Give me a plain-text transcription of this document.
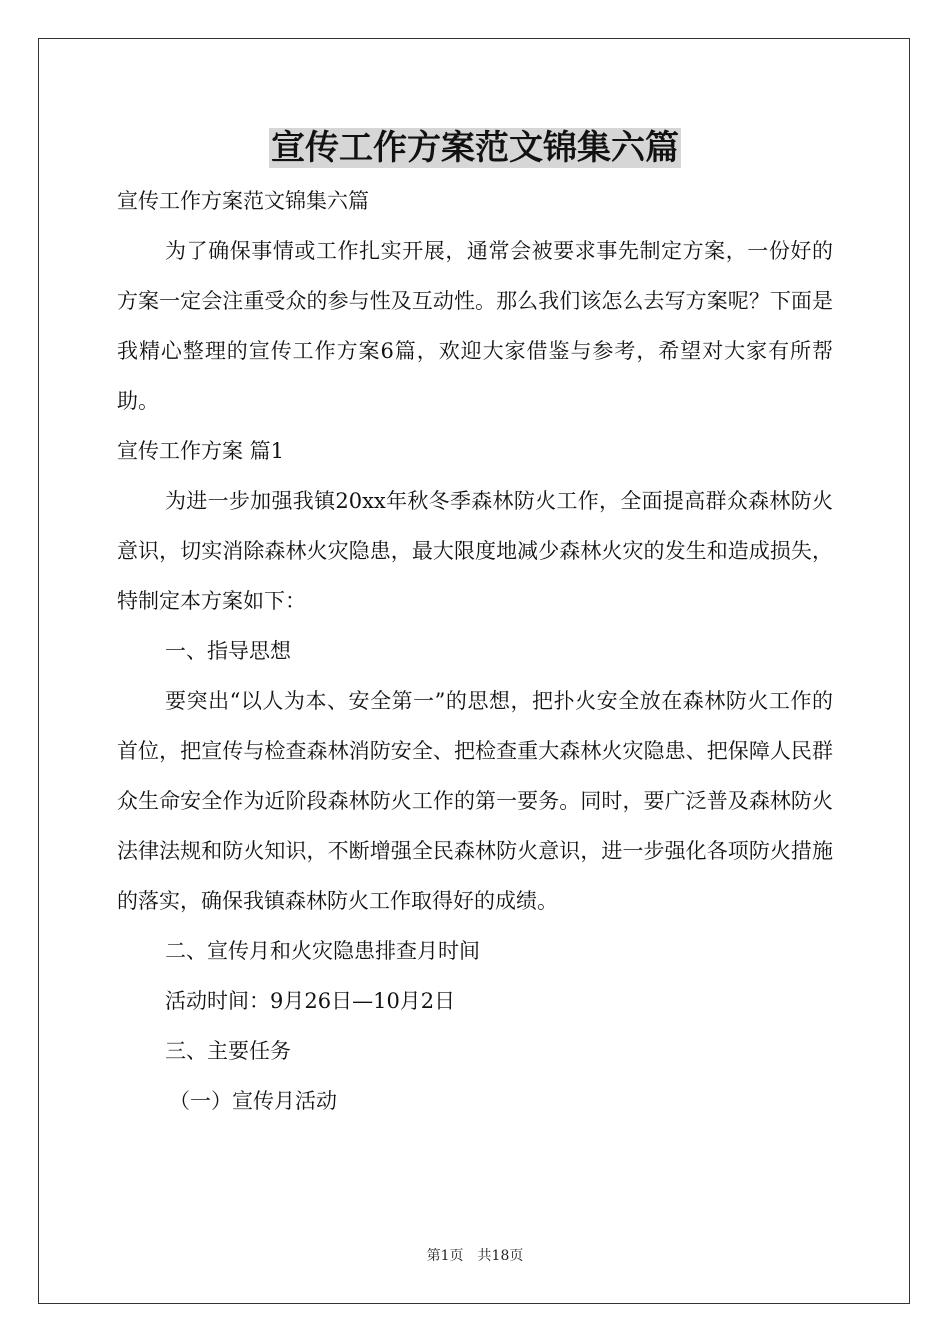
宣传工作方案范文锦集六篇

宣传工作方案范文锦集六篇

为了确保事情或工作扎实开展，通常会被要求事先制定方案，一份好的方案一定会注重受众的参与性及互动性。那么我们该怎么去写方案呢？下面是我精心整理的宣传工作方案6篇，欢迎大家借鉴与参考，希望对大家有所帮助。

宣传工作方案 篇1

为进一步加强我镇20xx年秋冬季森林防火工作，全面提高群众森林防火意识，切实消除森林火灾隐患，最大限度地减少森林火灾的发生和造成损失，特制定本方案如下：

一、指导思想

要突出“以人为本、安全第一”的思想，把扑火安全放在森林防火工作的首位，把宣传与检查森林消防安全、把检查重大森林火灾隐患、把保障人民群众生命安全作为近阶段森林防火工作的第一要务。同时，要广泛普及森林防火法律法规和防火知识，不断增强全民森林防火意识，进一步强化各项防火措施的落实，确保我镇森林防火工作取得好的成绩。

二、宣传月和火灾隐患排查月时间

活动时间：9月26日—10月2日

三、主要任务

（一）宣传月活动

第1页 共18页
